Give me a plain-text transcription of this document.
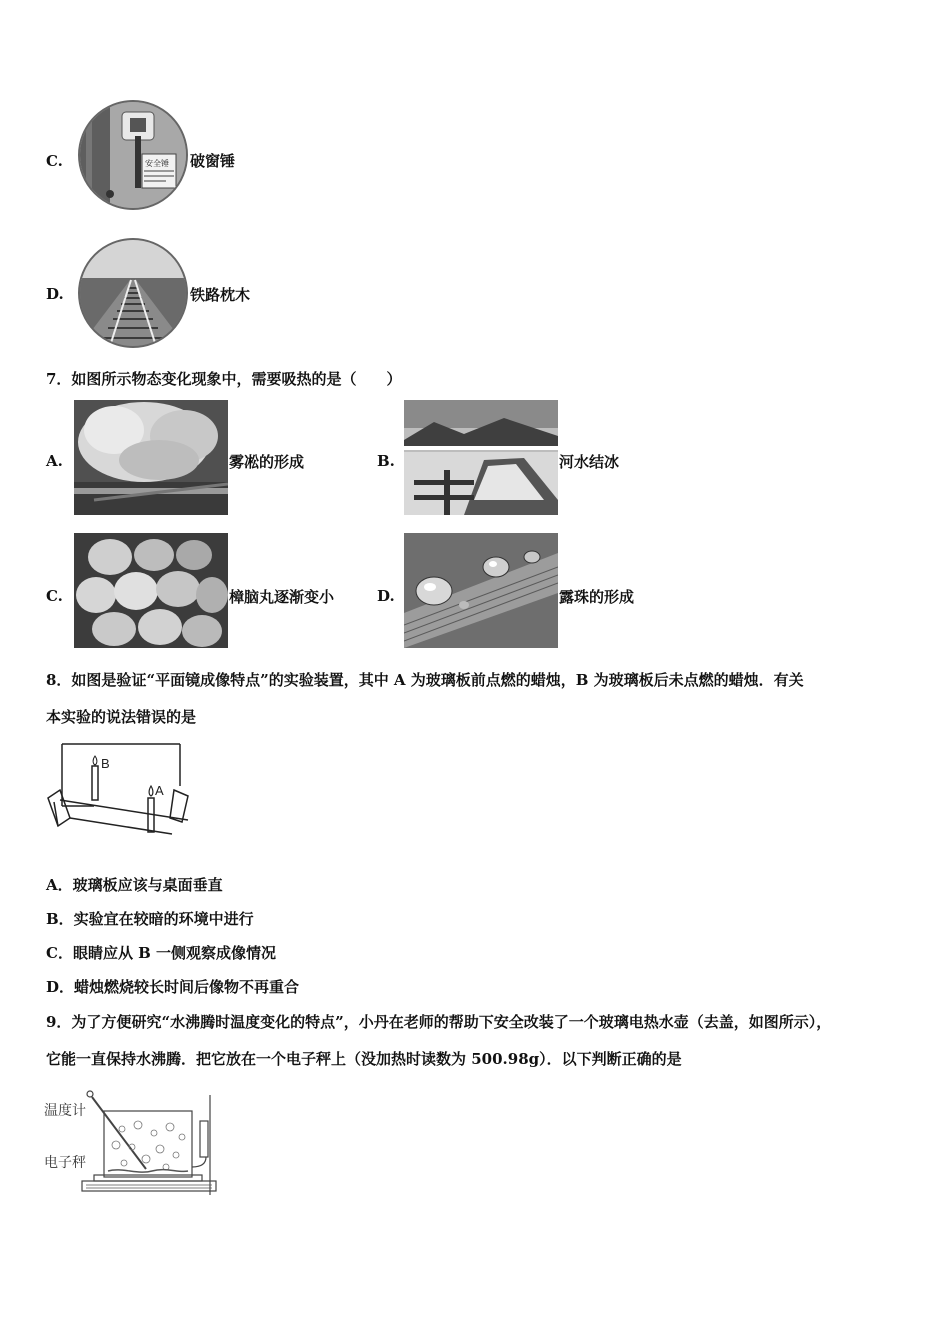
C.	安全锤 破窗锤
D.	铁路枕木
7．如图所示物态变化现象中，需要吸热的是（　　）
A.	雾凇的形成	B.	河水结冰
C.	樟脑丸逐渐变小	D.	露珠的形成
8．如图是验证“平面镜成像特点”的实验装置，其中 A 为玻璃板前点燃的蜡烛，B 为玻璃板后未点燃的蜡烛．有关
本实验的说法错误的是
B
A
A．玻璃板应该与桌面垂直
B．实验宜在较暗的环境中进行
C．眼睛应从 B 一侧观察成像情况
D．蜡烛燃烧较长时间后像物不再重合
9．为了方便研究“水沸腾时温度变化的特点”，小丹在老师的帮助下安全改装了一个玻璃电热水壶（去盖，如图所示），
它能一直保持水沸腾．把它放在一个电子秤上（没加热时读数为 500.98g）．以下判断正确的是
温度计
电子秤
